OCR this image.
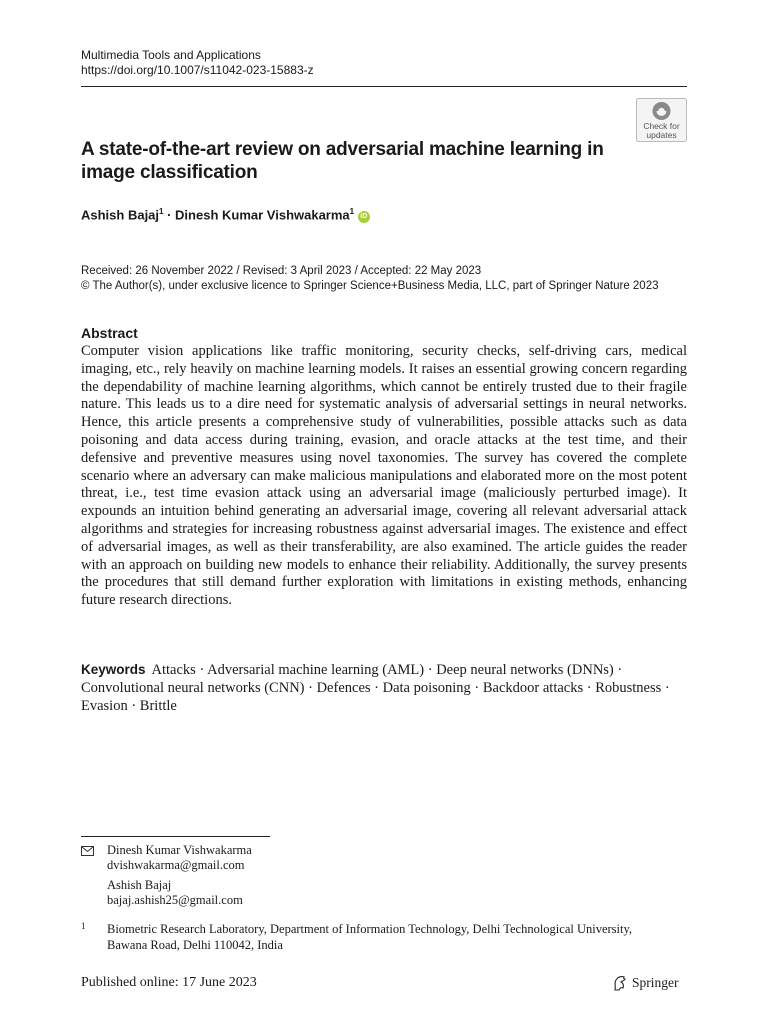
Multimedia Tools and Applications
https://doi.org/10.1007/s11042-023-15883-z
Check for
updates
A state-of-the-art review on adversarial machine learning in image classification
Ashish Bajaj$^1$ · Dinesh Kumar Vishwakarma$^1$ iD
Received: 26 November 2022 / Revised: 3 April 2023 / Accepted: 22 May 2023
© The Author(s), under exclusive licence to Springer Science+Business Media, LLC, part of Springer Nature 2023
Abstract
Computer vision applications like traffic monitoring, security checks, self-driving cars, medical imaging, etc., rely heavily on machine learning models. It raises an essential growing concern regarding the dependability of machine learning algorithms, which cannot be entirely trusted due to their fragile nature. This leads us to a dire need for systematic analysis of adversarial settings in neural networks. Hence, this article presents a comprehensive study of vulnerabilities, possible attacks such as data poisoning and data access during training, evasion, and oracle attacks at the test time, and their defensive and preventive measures using novel taxonomies. The survey has covered the complete scenario where an adversary can make malicious manipulations and elaborated more on the most potent threat, i.e., test time evasion attack using an adversarial image (maliciously perturbed image). It expounds an intuition behind generating an adversarial image, covering all relevant adversarial attack algorithms and strategies for increasing robustness against adversarial images. The existence and effect of adversarial images, as well as their transferability, are also examined. The article guides the reader with an approach on building new models to enhance their reliability. Additionally, the survey presents the procedures that still demand further exploration with limitations in existing methods, enhancing future research directions.
Keywords Attacks · Adversarial machine learning (AML) · Deep neural networks (DNNs) · Convolutional neural networks (CNN) · Defences · Data poisoning · Backdoor attacks · Robustness · Evasion · Brittle
Dinesh Kumar Vishwakarma
dvishwakarma@gmail.com
Ashish Bajaj
bajaj.ashish25@gmail.com
1 Biometric Research Laboratory, Department of Information Technology, Delhi Technological University, Bawana Road, Delhi 110042, India
Published online: 17 June 2023	Springer
